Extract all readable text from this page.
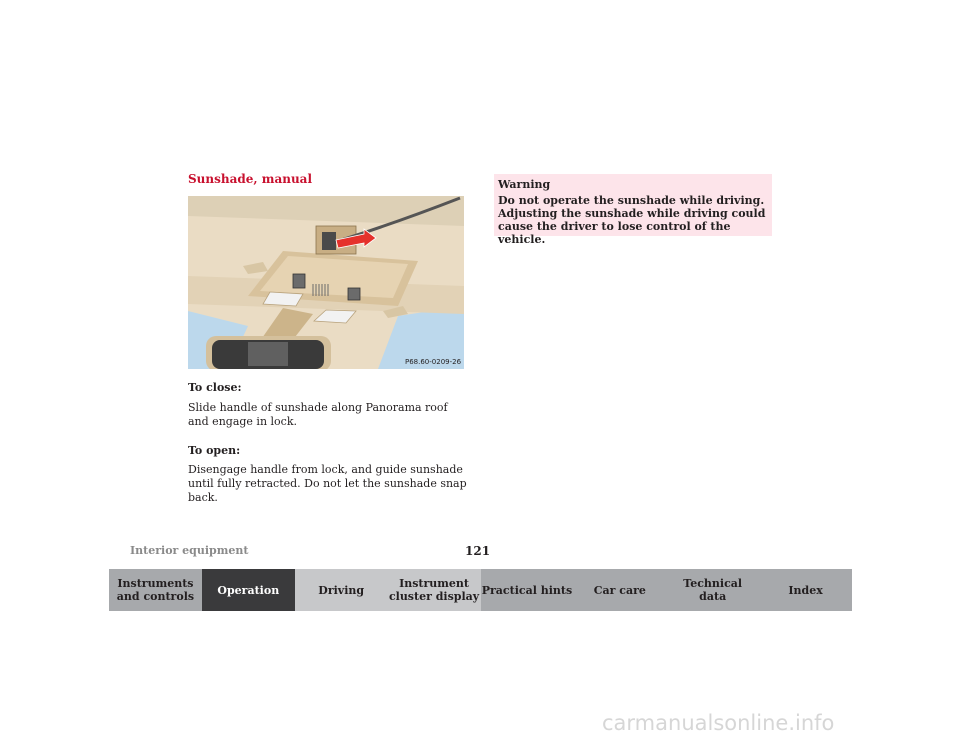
Sunshade, manual
P68.60-0209-26
To close:
Slide handle of sunshade along Panorama roof and engage in lock.
To open:
Disengage handle from lock, and guide sunshade until fully retracted. Do not let the sunshade snap back.
Warning
Do not operate the sunshade while driving. Adjusting the sunshade while driving could cause the driver to lose control of the vehicle.
Interior equipment	121
Instruments
and controls Operation	Driving	Instrument
cluster display Practical hints Car care	Technical
data	Index
carmanualsonline.info
